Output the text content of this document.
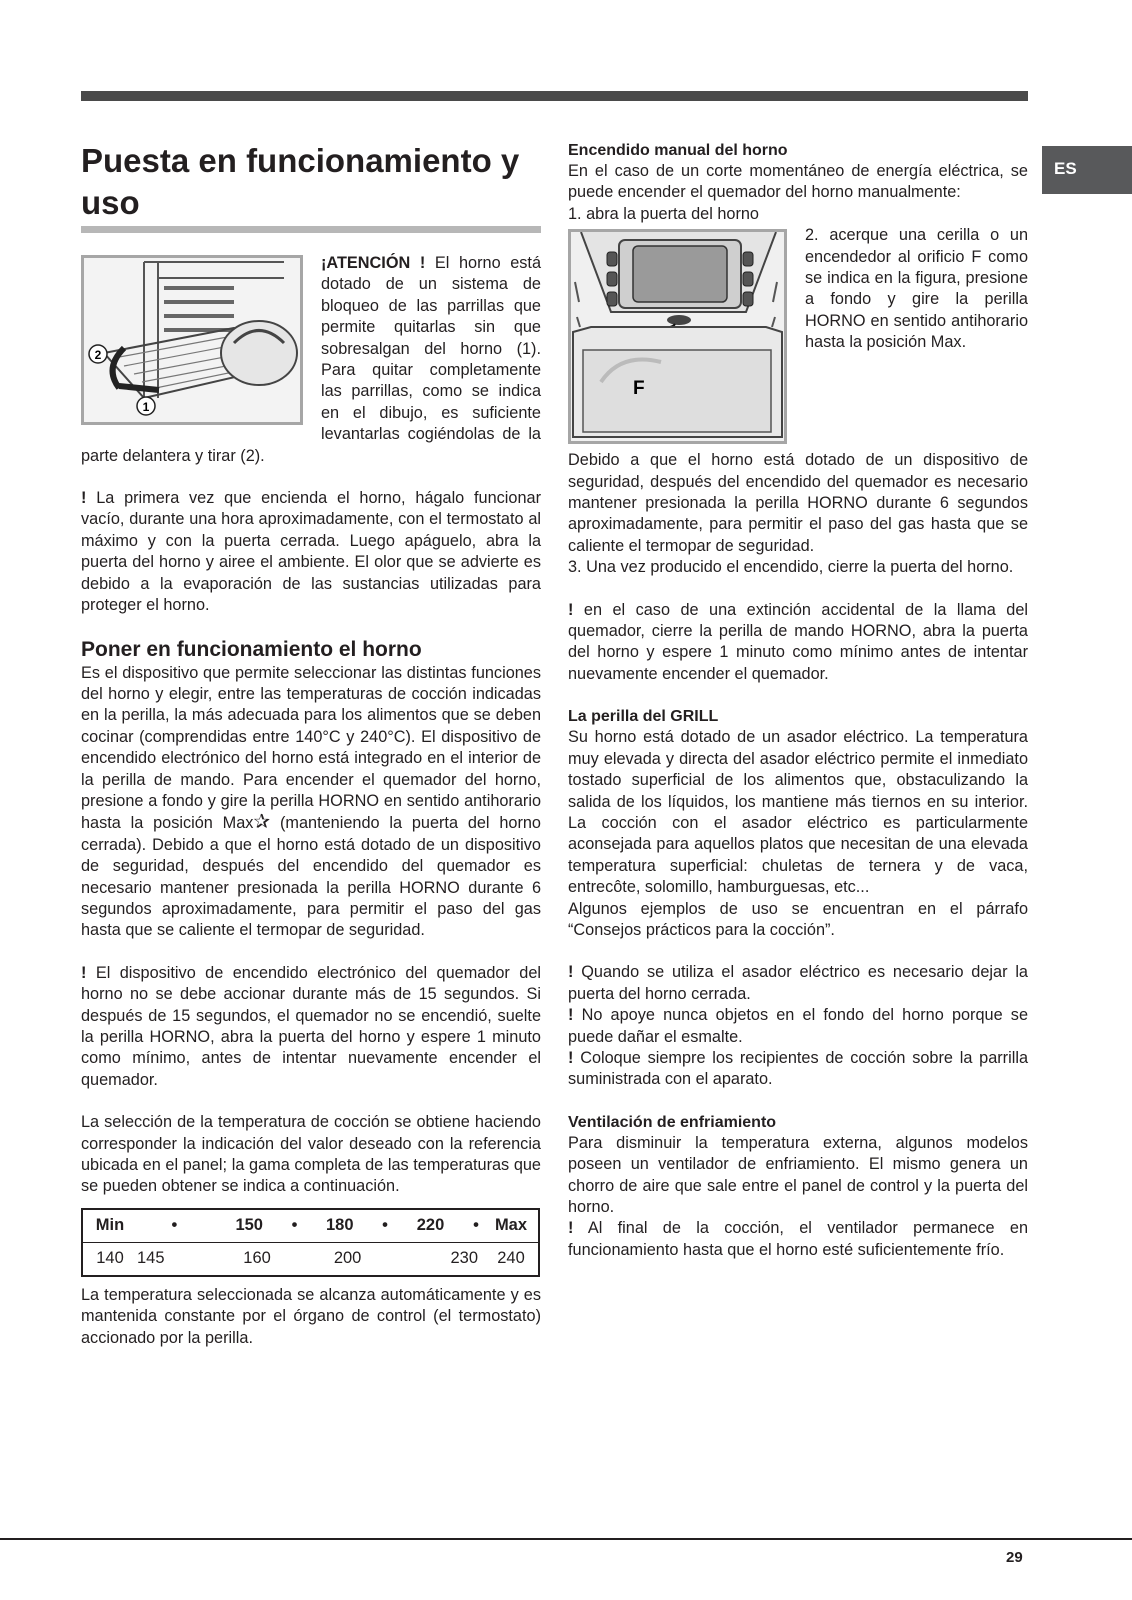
ES
Puesta en funcionamiento y uso
2
1

¡ATENCIÓN ! El horno está dotado de un sistema de bloqueo de las parrillas que permite quitarlas sin que sobresalgan del horno (1). Para quitar completamente las parrillas, como se indica en el dibujo, es suficiente levantarlas cogiéndolas de la parte delantera y tirar (2).

! La primera vez que encienda el horno, hágalo funcionar vacío, durante una hora aproximadamente, con el termostato al máximo y con la puerta cerrada. Luego apáguelo, abra la puerta del horno y airee el ambiente. El olor que se advierte es debido a la evaporación de las sustancias utilizadas para proteger el horno.

Poner en funcionamiento el horno

Es el dispositivo que permite seleccionar las distintas funciones del horno y elegir, entre las temperaturas de cocción indicadas en la perilla, la más adecuada para los alimentos que se deben cocinar (comprendidas entre 140°C y 240°C). El dispositivo de encendido electrónico del horno está integrado en el interior de la perilla de mando. Para encender el quemador del horno, presione a fondo y gire la perilla HORNO en sentido antihorario hasta la posición Max✰ (manteniendo la puerta del horno cerrada). Debido a que el horno está dotado de un dispositivo de seguridad, después del encendido del quemador es necesario mantener presionada la perilla HORNO durante 6 segundos aproximadamente, para permitir el paso del gas hasta que se caliente el termopar de seguridad.

! El dispositivo de encendido electrónico del quemador del horno no se debe accionar durante más de 15 segundos. Si después de 15 segundos, el quemador no se encendió, suelte la perilla HORNO, abra la puerta del horno y espere 1 minuto como mínimo, antes de intentar nuevamente encender el quemador.

La selección de la temperatura de cocción se obtiene haciendo corresponder la indicación del valor deseado con la referencia ubicada en el panel; la gama completa de las temperaturas que se pueden obtener se indica a continuación.

Min	•	150	•	180	•	220	•	Max
140	145	160		200		230		240

La temperatura seleccionada se alcanza automáticamente y es mantenida constante por el órgano de control (el termostato) accionado por la perilla.

Encendido manual del horno

En el caso de un corte momentáneo de energía eléctrica, se puede encender el quemador del horno manualmente:

1. abra la puerta del horno

F

2. acerque una cerilla o un encendedor al orificio F como se indica en la figura, presione a fondo y gire la perilla HORNO en sentido antihorario hasta la posición Max.

Debido a que el horno está dotado de un dispositivo de seguridad, después del encendido del quemador es necesario mantener presionada la perilla HORNO durante 6 segundos aproximadamente, para permitir el paso del gas hasta que se caliente el termopar de seguridad.

3. Una vez producido el encendido, cierre la puerta del horno.

! en el caso de una extinción accidental de la llama del quemador, cierre la perilla de mando HORNO, abra la puerta del horno y espere 1 minuto como mínimo antes de intentar nuevamente encender el quemador.

La perilla del GRILL

Su horno está dotado de un asador eléctrico. La temperatura muy elevada y directa del asador eléctrico permite el inmediato tostado superficial de los alimentos que, obstaculizando la salida de los líquidos, los mantiene más tiernos en su interior. La cocción con el asador eléctrico es particularmente aconsejada para aquellos platos que necesitan de una elevada temperatura superficial: chuletas de ternera y de vaca, entrecôte, solomillo, hamburguesas, etc...

Algunos ejemplos de uso se encuentran en el párrafo “Consejos prácticos para la cocción”.

! Quando se utiliza el asador eléctrico es necesario dejar la puerta del horno cerrada.

! No apoye nunca objetos en el fondo del horno porque se puede dañar el esmalte.

! Coloque siempre los recipientes de cocción sobre la parrilla suministrada con el aparato.

Ventilación de enfriamiento

Para disminuir la temperatura externa, algunos modelos poseen un ventilador de enfriamiento. El mismo genera un chorro de aire que sale entre el panel de control y la puerta del horno.

! Al final de la cocción, el ventilador permanece en funcionamiento hasta que el horno esté suficientemente frío.

29
